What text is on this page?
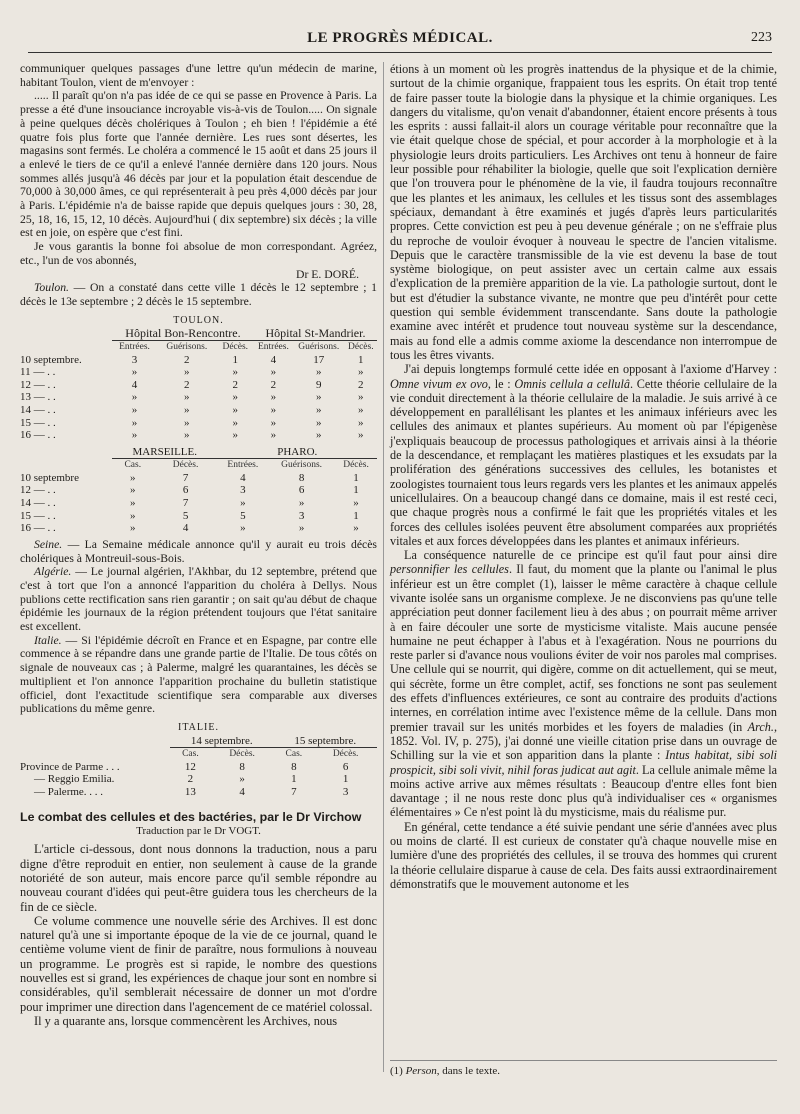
LE PROGRÈS MÉDICAL.	223

communiquer quelques passages d'une lettre qu'un médecin de marine, habitant Toulon, vient de m'envoyer :

..... Il paraît qu'on n'a pas idée de ce qui se passe en Provence à Paris. La presse a été d'une insouciance incroyable vis-à-vis de Toulon..... On signale à peine quelques décès cholériques à Toulon ; eh bien ! l'épidémie a été quatre fois plus forte que l'année dernière. Les rues sont désertes, les magasins sont fermés. Le choléra a commencé le 15 août et dans 25 jours il a enlevé le tiers de ce qu'il a enlevé l'année dernière dans 120 jours. Nous sommes allés jusqu'à 46 décès par jour et la population était descendue de 70,000 à 30,000 âmes, ce qui représenterait à peu près 4,000 décès par jour à Paris. L'épidémie n'a de baisse rapide que depuis quelques jours : 30, 28, 25, 18, 16, 15, 12, 10 décès. Aujourd'hui ( dix septembre) six décès ; la ville est en joie, on espère que c'est fini.

Je vous garantis la bonne foi absolue de mon correspondant. Agréez, etc., l'un de vos abonnés,

Dr E. DORÉ.

Toulon. — On a constaté dans cette ville 1 décès le 12 septembre ; 1 décès le 13e septembre ; 2 décès le 15 septembre.

TOULON.
	Hôpital Bon-Rencontre.			Hôpital St-Mandrier.		
	Entrées.	Guérisons.	Décès.	Entrées.	Guérisons.	Décès.
10 septembre.	3	2	1	4	17	1
11 — . .	»	»	»	»	»	»
12 — . .	4	2	2	2	9	2
13 — . .	»	»	»	»	»	»
14 — . .	»	»	»	»	»	»
15 — . .	»	»	»	»	»	»
16 — . .	»	»	»	»	»	»
	MARSEILLE.		PHARO.		
	Cas.	Décès.	Entrées.	Guérisons.	Décès.
10 septembre	»	7	4	8	1
12 — . .	»	6	3	6	1
14 — . .	»	7	»	»	»
15 — . .	»	5	5	3	1
16 — . .	»	4	»	»	»

Seine. — La Semaine médicale annonce qu'il y aurait eu trois décès cholériques à Montreuil-sous-Bois.

Algérie. — Le journal algérien, l'Akhbar, du 12 septembre, prétend que c'est à tort que l'on a annoncé l'apparition du choléra à Dellys. Nous publions cette rectification sans rien garantir ; on sait qu'au début de chaque épidémie les journaux de la région prétendent toujours que l'état sanitaire est excellent.

Italie. — Si l'épidémie décroît en France et en Espagne, par contre elle commence à se répandre dans une grande partie de l'Italie. De tous côtés on signale de nouveaux cas ; à Palerme, malgré les quarantaines, les décès se multiplient et l'on annonce l'apparition prochaine du bulletin statistique officiel, dont l'exactitude scientifique sera comparable aux diverses publications du même genre.

ITALIE.
	14 septembre.		15 septembre.	
	Cas.	Décès.	Cas.	Décès.
Province de Parme . . .	12	8	8	6
— Reggio Emilia.	2	»	1	1
— Palerme. . . .	13	4	7	3
Le combat des cellules et des bactéries, par le Dr Virchow
Traduction par le Dr VOGT.

L'article ci-dessous, dont nous donnons la traduction, nous a paru digne d'être reproduit en entier, non seulement à cause de la grande notoriété de son auteur, mais encore parce qu'il semble répondre au nouveau courant d'idées qui peut-être guidera tous les chercheurs de la fin de ce siècle.

Ce volume commence une nouvelle série des Archives. Il est donc naturel qu'à une si importante époque de la vie de ce journal, quand le centième volume vient de finir de paraître, nous formulions à nouveau un programme. Le progrès est si rapide, le nombre des questions nouvelles est si grand, les expériences de chaque jour sont en nombre si considérables, qu'il semblerait nécessaire de donner un mot d'ordre pour imprimer une direction dans l'agencement de ce matériel colossal.

Il y a quarante ans, lorsque commencèrent les Archives, nous

étions à un moment où les progrès inattendus de la physique et de la chimie, surtout de la chimie organique, frappaient tous les esprits. On était trop tenté de faire passer toute la biologie dans la physique et la chimie organiques. Les dangers du vitalisme, qu'on venait d'abandonner, étaient encore présents à tous les esprits : aussi fallait-il alors un courage véritable pour reconnaître que la vie était quelque chose de spécial, et pour accorder à la morphologie et à la physiologie leurs droits particuliers. Les Archives ont tenu à honneur de faire leur possible pour réhabiliter la biologie, quelle que soit l'explication dernière que l'on trouvera pour le phénomène de la vie, il faudra toujours reconnaître que les plantes et les animaux, les cellules et les tissus sont des assemblages spéciaux, demandant à être examinés et jugés d'après leurs particularités propres. Cette conviction est peu à peu devenue générale ; on ne s'effraie plus du reproche de vouloir évoquer à nouveau le spectre de l'ancien vitalisme. Depuis que le caractère transmissible de la vie est devenu la base de tout système biologique, on peut assister avec un certain calme aux essais d'explication de la première apparition de la vie. La pathologie surtout, dont le but est d'étudier la substance vivante, ne montre que peu d'intérêt pour cette question qui semble évidemment transcendante. Sans doute la pathologie examine avec intérêt et prudence tout nouveau système sur la descendance, mais au fond elle a admis comme axiome la descendance non interrompue de tous les êtres vivants.

J'ai depuis longtemps formulé cette idée en opposant à l'axiome d'Harvey : Omne vivum ex ovo, le : Omnis cellula a cellulâ. Cette théorie cellulaire de la vie conduit directement à la théorie cellulaire de la maladie. Je suis arrivé à ce développement en parallélisant les plantes et les animaux inférieurs avec les cellules des animaux et plantes supérieurs. Au moment où par l'épigenèse j'expliquais beaucoup de processus pathologiques et arrivais ainsi à la théorie de la descendance, et remplaçant les matières plastiques et les exsudats par la prolifération des générations successives des cellules, les botanistes et zoologistes tournaient tous leurs regards vers les plantes et les animaux appelés unicellulaires. On a beaucoup changé dans ce domaine, mais il est resté ceci, que chaque progrès nous a confirmé le fait que les propriétés vitales et les forces des cellules isolées peuvent être absolument comparées aux propriétés vitales et aux forces développées dans les plantes et animaux inférieurs.

La conséquence naturelle de ce principe est qu'il faut pour ainsi dire personnifier les cellules. Il faut, du moment que la plante ou l'animal le plus inférieur est un être complet (1), laisser le même caractère à chaque cellule vivante isolée sans un organisme complexe. Je ne disconviens pas qu'une telle appréciation peut donner facilement lieu à des abus ; on pourrait même arriver à en faire découler une sorte de mysticisme vitaliste. Mais aucune pensée humaine ne peut échapper à l'abus et à l'exagération. Nous ne pourrions du reste parler si d'avance nous voulions éviter de voir nos paroles mal comprises. Une cellule qui se nourrit, qui digère, comme on dit actuellement, qui se meut, qui sécrète, forme un être complet, actif, ses fonctions ne sont pas seulement des effets d'influences extérieures, ce sont au contraire des produits d'actions internes, en corrélation intime avec l'existence même de la cellule. Dans mon premier travail sur les unités morbides et les foyers de maladies (in Arch., 1852. Vol. IV, p. 275), j'ai donné une vieille citation prise dans un ouvrage de Schilling sur la vie et son apparition dans la plante : Intus habitat, sibi soli prospicit, sibi soli vivit, nihil foras judicat aut agit. La cellule animale même la moins active arrive aux mêmes résultats : Beaucoup d'entre elles font bien davantage ; il ne nous reste donc plus qu'à individualiser ces « organismes élémentaires » Ce n'est point là du mysticisme, mais du réalisme pur.

En général, cette tendance a été suivie pendant une série d'années avec plus ou moins de clarté. Il est curieux de constater qu'à chaque nouvelle mise en lumière d'une des propriétés des cellules, il se trouva des hommes qui crurent la théorie cellulaire disparue à cause de cela. Des faits aussi extraordinairement démonstratifs que le mouvement autonome et les

(1) Person, dans le texte.
